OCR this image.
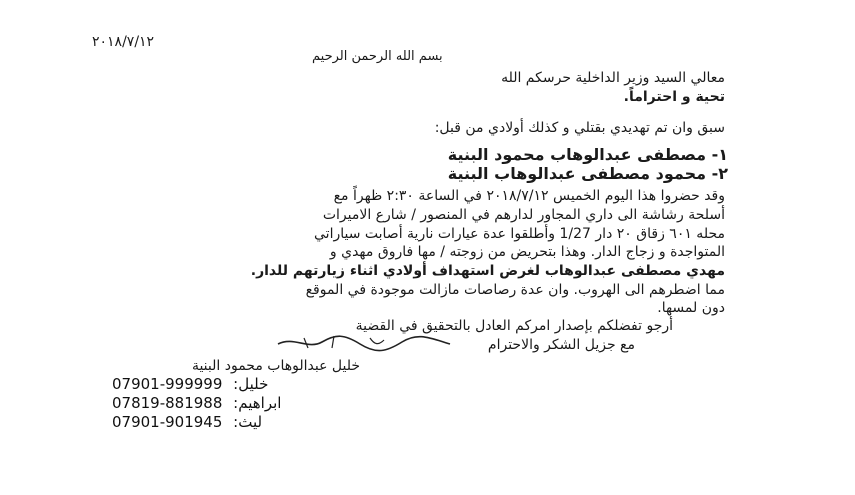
٢٠١٨/٧/١٢
بسم الله الرحمن الرحيم
معالي السيد وزير الداخلية حرسكم الله
تحية و احتراماً.
سبق وان تم تهديدي بقتلي و كذلك أولادي من قبل:
١- مصطفى عبدالوهاب محمود البنية
٢- محمود مصطفى عبدالوهاب البنية
وقد حضروا هذا اليوم الخميس ٢٠١٨/٧/١٢ في الساعة ٢:٣٠ ظهراً مع
أسلحة رشاشة الى داري المجاور لدارهم في المنصور / شارع الاميرات
محله ٦٠١ زقاق ٢٠ دار 1/27 وأطلقوا عدة عيارات نارية أصابت سياراتي
المتواجدة و زجاج الدار. وهذا بتحريض من زوجته / مها فاروق مهدي و
مهدي مصطفى عبدالوهاب لغرض استهداف أولادي اثناء زيارتهم للدار.
مما اضطرهم الى الهروب. وان عدة رصاصات مازالت موجودة في الموقع
دون لمسها.
أرجو تفضلكم بإصدار امركم العادل بالتحقيق في القضية
مع جزيل الشكر والاحترام
خليل عبدالوهاب محمود البنية
07901-999999 خليل:
07819-881988 ابراهيم:
07901-901945 ليث:
